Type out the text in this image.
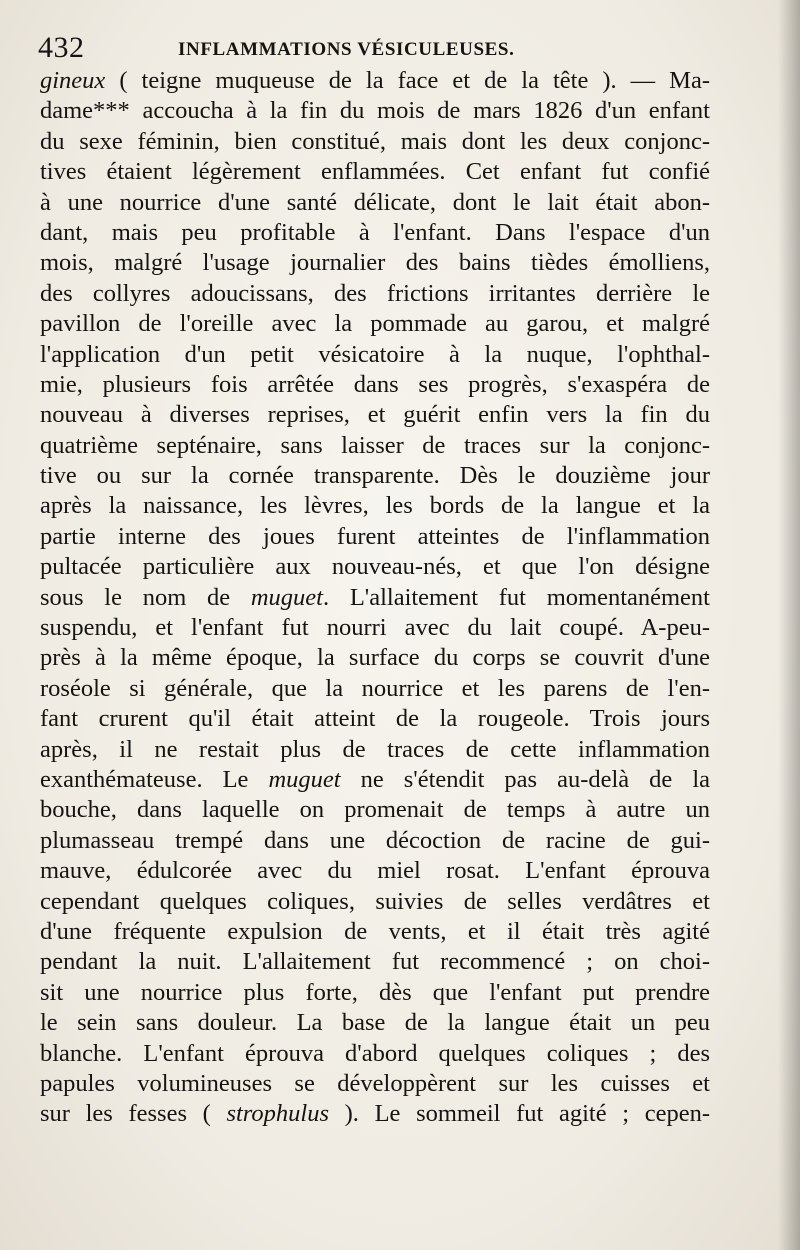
432	INFLAMMATIONS VÉSICULEUSES.
gineux ( teigne muqueuse de la face et de la tête ). — Ma-
dame*** accoucha à la fin du mois de mars 1826 d'un enfant
du sexe féminin, bien constitué, mais dont les deux conjonc-
tives étaient légèrement enflammées. Cet enfant fut confié
à une nourrice d'une santé délicate, dont le lait était abon-
dant, mais peu profitable à l'enfant. Dans l'espace d'un
mois, malgré l'usage journalier des bains tièdes émolliens,
des collyres adoucissans, des frictions irritantes derrière le
pavillon de l'oreille avec la pommade au garou, et malgré
l'application d'un petit vésicatoire à la nuque, l'ophthal-
mie, plusieurs fois arrêtée dans ses progrès, s'exaspéra de
nouveau à diverses reprises, et guérit enfin vers la fin du
quatrième septénaire, sans laisser de traces sur la conjonc-
tive ou sur la cornée transparente. Dès le douzième jour
après la naissance, les lèvres, les bords de la langue et la
partie interne des joues furent atteintes de l'inflammation
pultacée particulière aux nouveau-nés, et que l'on désigne
sous le nom de muguet. L'allaitement fut momentanément
suspendu, et l'enfant fut nourri avec du lait coupé. A-peu-
près à la même époque, la surface du corps se couvrit d'une
roséole si générale, que la nourrice et les parens de l'en-
fant crurent qu'il était atteint de la rougeole. Trois jours
après, il ne restait plus de traces de cette inflammation
exanthémateuse. Le muguet ne s'étendit pas au-delà de la
bouche, dans laquelle on promenait de temps à autre un
plumasseau trempé dans une décoction de racine de gui-
mauve, édulcorée avec du miel rosat. L'enfant éprouva
cependant quelques coliques, suivies de selles verdâtres et
d'une fréquente expulsion de vents, et il était très agité
pendant la nuit. L'allaitement fut recommencé ; on choi-
sit une nourrice plus forte, dès que l'enfant put prendre
le sein sans douleur. La base de la langue était un peu
blanche. L'enfant éprouva d'abord quelques coliques ; des
papules volumineuses se développèrent sur les cuisses et
sur les fesses ( strophulus ). Le sommeil fut agité ; cepen-
